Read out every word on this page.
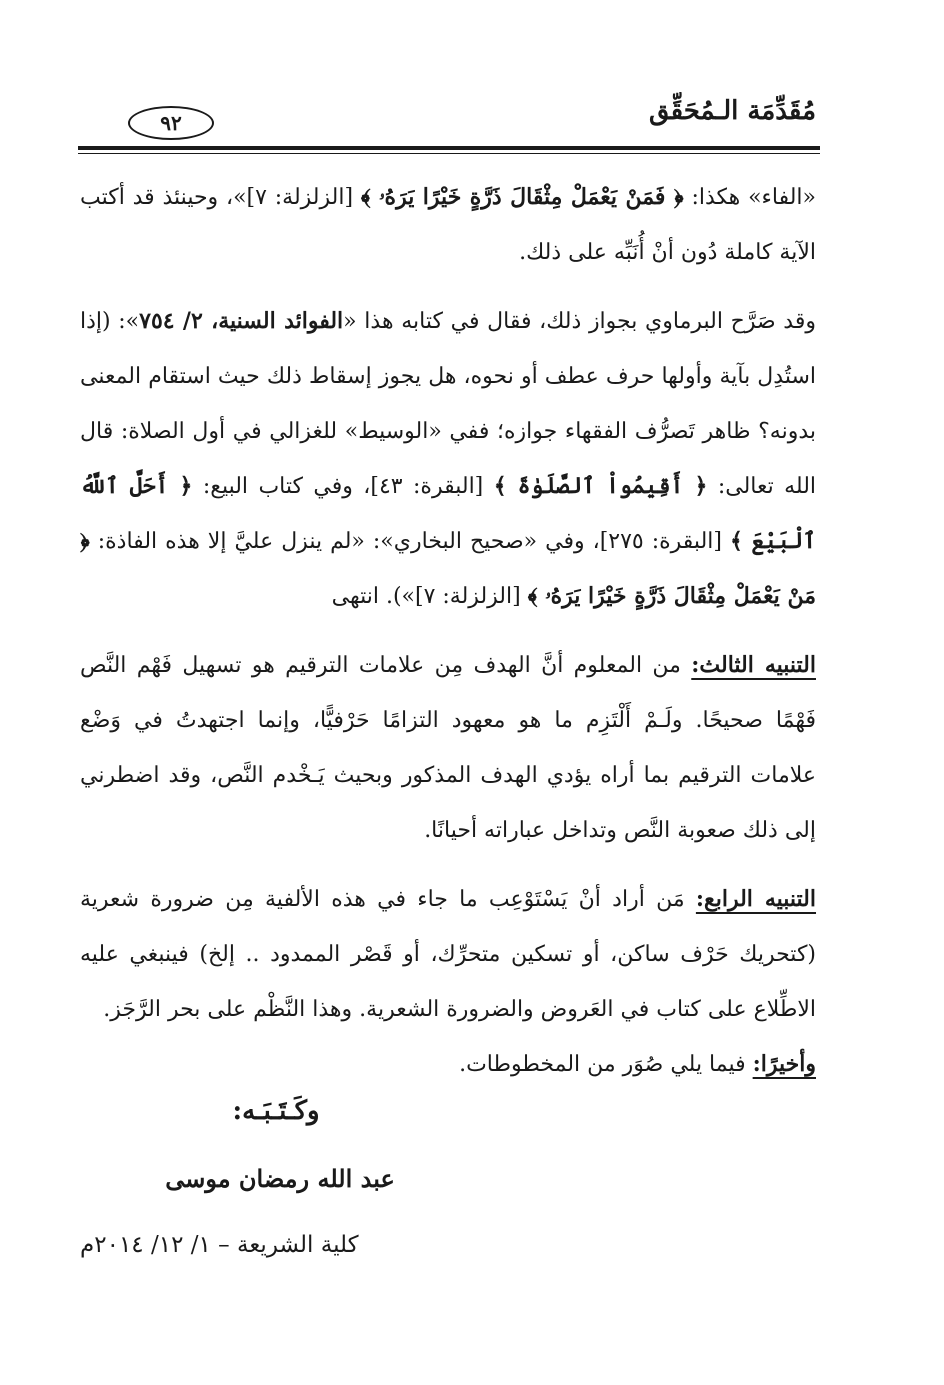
مُقَدِّمَة الـمُحَقِّق
٩٢

«الفاء» هكذا: ﴿ فَمَنْ يَعْمَلْ مِثْقَالَ ذَرَّةٍ خَيْرًا يَرَهُۥ ﴾ [الزلزلة: ٧]»، وحينئذ قد أكتب الآية كاملة دُون أنْ أُنَبِّه على ذلك.

وقد صَرَّح البرماوي بجواز ذلك، فقال في كتابه هذا «الفوائد السنية، ٢/ ٧٥٤»: (إذا استُدِل بآية وأولها حرف عطف أو نحوه، هل يجوز إسقاط ذلك حيث استقام المعنى بدونه؟ ظاهر تَصرُّف الفقهاء جوازه؛ ففي «الوسيط» للغزالي في أول الصلاة: قال الله تعالى: ﴿ أَقِيمُواْ ٱلصَّلَوٰةَ ﴾ [البقرة: ٤٣]، وفي كتاب البيع: ﴿ أَحَلَّ ٱللَّهُ ٱلْبَيْعَ ﴾ [البقرة: ٢٧٥]، وفي «صحيح البخاري»: «لم ينزل عليَّ إلا هذه الفاذة: ﴿ مَنْ يَعْمَلْ مِثْقَالَ ذَرَّةٍ خَيْرًا يَرَهُۥ ﴾ [الزلزلة: ٧]»). انتهى

التنبيه الثالث: من المعلوم أنَّ الهدف مِن علامات الترقيم هو تسهيل فَهْم النَّص فَهْمًا صحيحًا. ولَـمْ أَلْتَزِم ما هو معهود التزامًا حَرْفيًّا، وإنما اجتهدتُ في وَضْع علامات الترقيم بما أراه يؤدي الهدف المذكور وبحيث يَـخْدم النَّص، وقد اضطرني إلى ذلك صعوبة النَّص وتداخل عباراته أحيانًا.

التنبيه الرابع: مَن أراد أنْ يَسْتَوْعِب ما جاء في هذه الألفية مِن ضرورة شعرية (كتحريك حَرْف ساكن، أو تسكين متحرِّك، أو قَصْر الممدود .. إلخ) فينبغي عليه الاطِّلاع على كتاب في العَروض والضرورة الشعرية. وهذا النَّظْم على بحر الرَّجَز.

وأخيرًا: فيما يلي صُوَر من المخطوطات.

وكَـتَـبَـه:
عبد الله رمضان موسى
كلية الشريعة – ١/ ١٢/ ٢٠١٤م
